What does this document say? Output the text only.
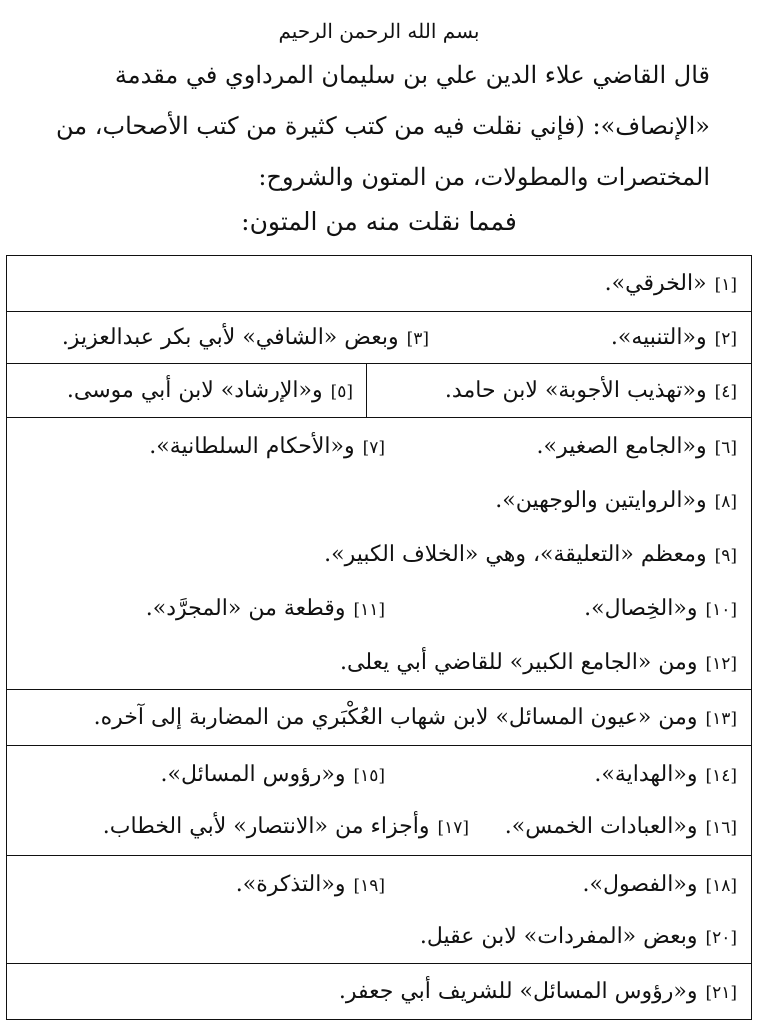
بسم الله الرحمن الرحيم
قال القاضي علاء الدين علي بن سليمان المرداوي في مقدمة
«الإنصاف»: (فإني نقلت فيه من كتب كثيرة من كتب الأصحاب، من
المختصرات والمطولات، من المتون والشروح:
فمما نقلت منه من المتون:
[١]«الخرقي».
[٢]و«التنبيه».
[٣]وبعض «الشافي» لأبي بكر عبدالعزيز.
[٤]و«تهذيب الأجوبة» لابن حامد.
[٥]و«الإرشاد» لابن أبي موسى.
[٦]و«الجامع الصغير».
[٧]و«الأحكام السلطانية».
[٨]و«الروايتين والوجهين».
[٩]ومعظم «التعليقة»، وهي «الخلاف الكبير».
[١٠]و«الخِصال».
[١١]وقطعة من «المجرَّد».
[١٢]ومن «الجامع الكبير» للقاضي أبي يعلى.
[١٣]ومن «عيون المسائل» لابن شهاب العُكْبَري من المضاربة إلى آخره.
[١٤]و«الهداية».
[١٥]و«رؤوس المسائل».
[١٦]و«العبادات الخمس».
[١٧]وأجزاء من «الانتصار» لأبي الخطاب.
[١٨]و«الفصول».
[١٩]و«التذكرة».
[٢٠]وبعض «المفردات» لابن عقيل.
[٢١]و«رؤوس المسائل» للشريف أبي جعفر.
